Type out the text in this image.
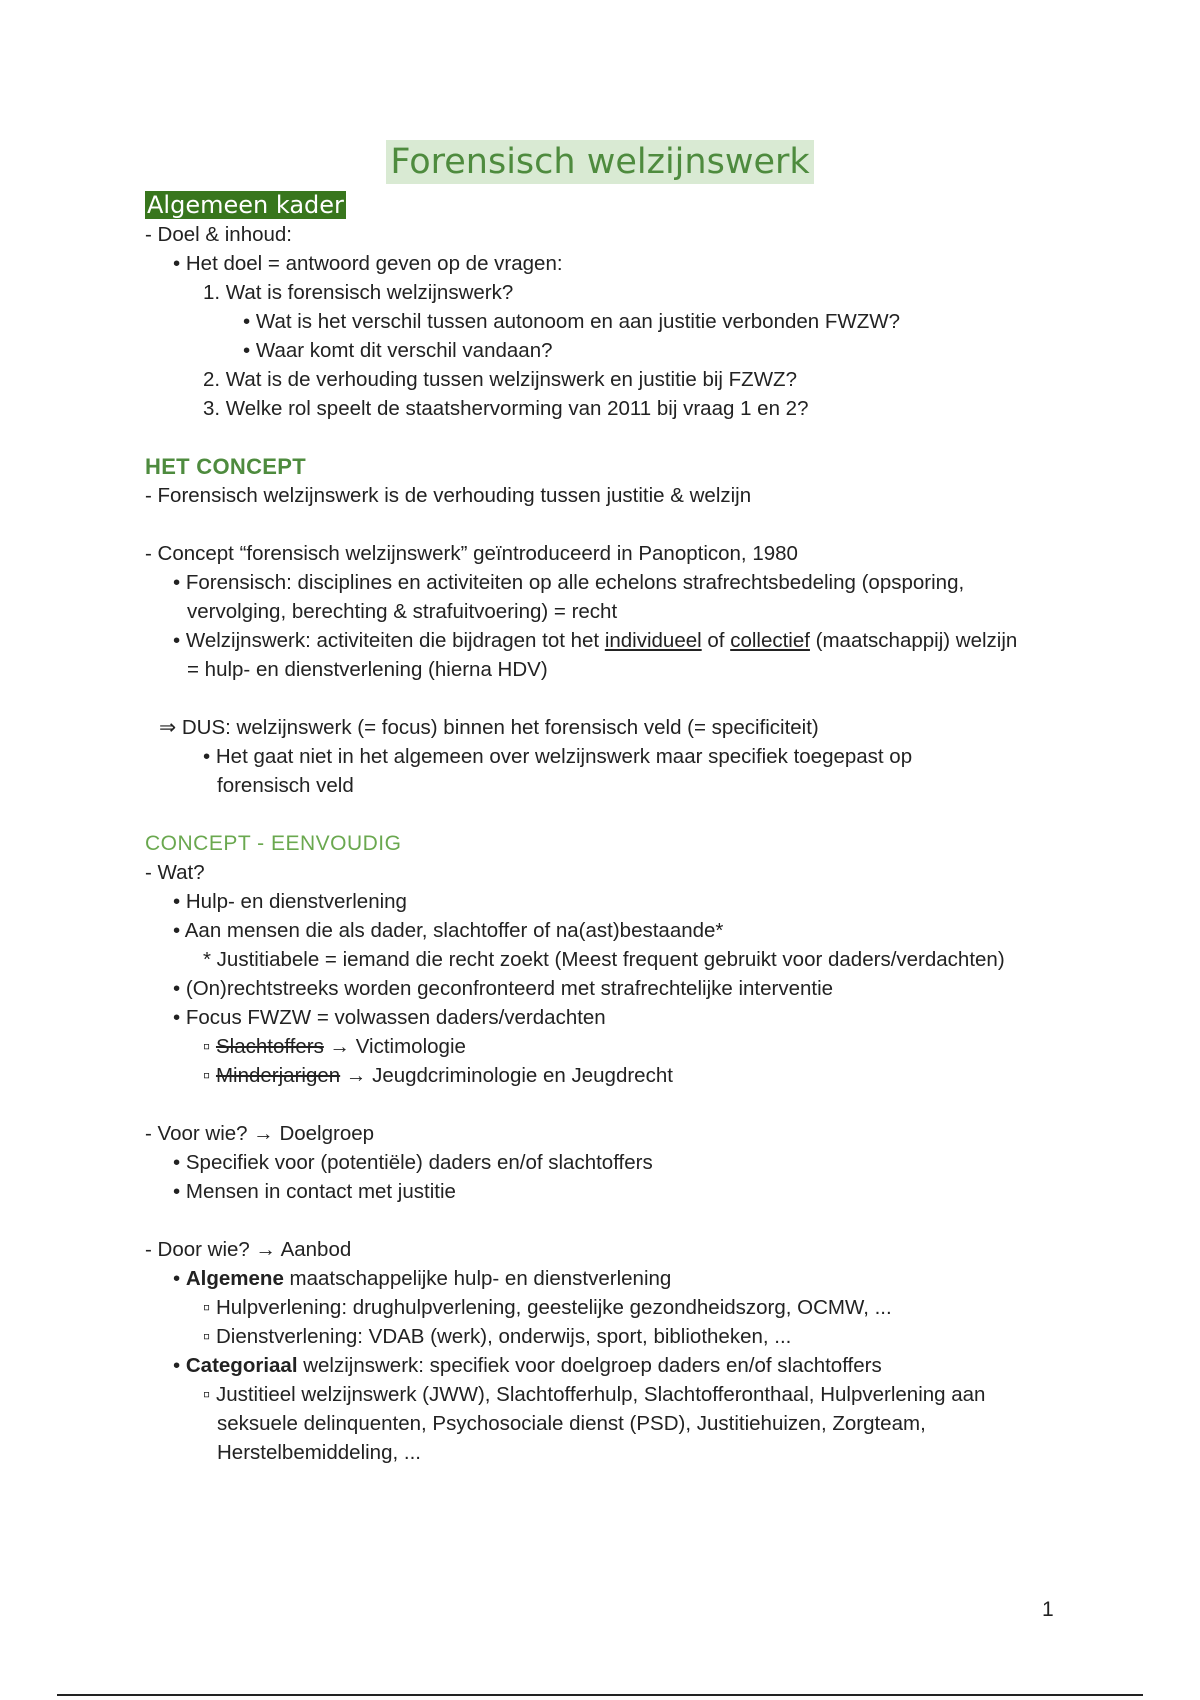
Forensisch welzijnswerk
Algemeen kader
- Doel & inhoud:
• Het doel = antwoord geven op de vragen:
1. Wat is forensisch welzijnswerk?
• Wat is het verschil tussen autonoom en aan justitie verbonden FWZW?
• Waar komt dit verschil vandaan?
2. Wat is de verhouding tussen welzijnswerk en justitie bij FZWZ?
3. Welke rol speelt de staatshervorming van 2011 bij vraag 1 en 2?
HET CONCEPT
- Forensisch welzijnswerk is de verhouding tussen justitie & welzijn
- Concept “forensisch welzijnswerk” geïntroduceerd in Panopticon, 1980
• Forensisch: disciplines en activiteiten op alle echelons strafrechtsbedeling (opsporing,
vervolging, berechting & strafuitvoering) = recht
• Welzijnswerk: activiteiten die bijdragen tot het individueel of collectief (maatschappij) welzijn
= hulp- en dienstverlening (hierna HDV)
⇒ DUS: welzijnswerk (= focus) binnen het forensisch veld (= specificiteit)
• Het gaat niet in het algemeen over welzijnswerk maar specifiek toegepast op
forensisch veld
CONCEPT - EENVOUDIG
- Wat?
• Hulp- en dienstverlening
• Aan mensen die als dader, slachtoffer of na(ast)bestaande*
* Justitiabele = iemand die recht zoekt (Meest frequent gebruikt voor daders/verdachten)
• (On)rechtstreeks worden geconfronteerd met strafrechtelijke interventie
• Focus FWZW = volwassen daders/verdachten
▫ Slachtoffers → Victimologie
▫ Minderjarigen → Jeugdcriminologie en Jeugdrecht
- Voor wie? → Doelgroep
• Specifiek voor (potentiële) daders en/of slachtoffers
• Mensen in contact met justitie
- Door wie? → Aanbod
• Algemene maatschappelijke hulp- en dienstverlening
▫ Hulpverlening: drughulpverlening, geestelijke gezondheidszorg, OCMW, ...
▫ Dienstverlening: VDAB (werk), onderwijs, sport, bibliotheken, ...
• Categoriaal welzijnswerk: specifiek voor doelgroep daders en/of slachtoffers
▫ Justitieel welzijnswerk (JWW), Slachtofferhulp, Slachtofferonthaal, Hulpverlening aan
seksuele delinquenten, Psychosociale dienst (PSD), Justitiehuizen, Zorgteam,
Herstelbemiddeling, ...
1
